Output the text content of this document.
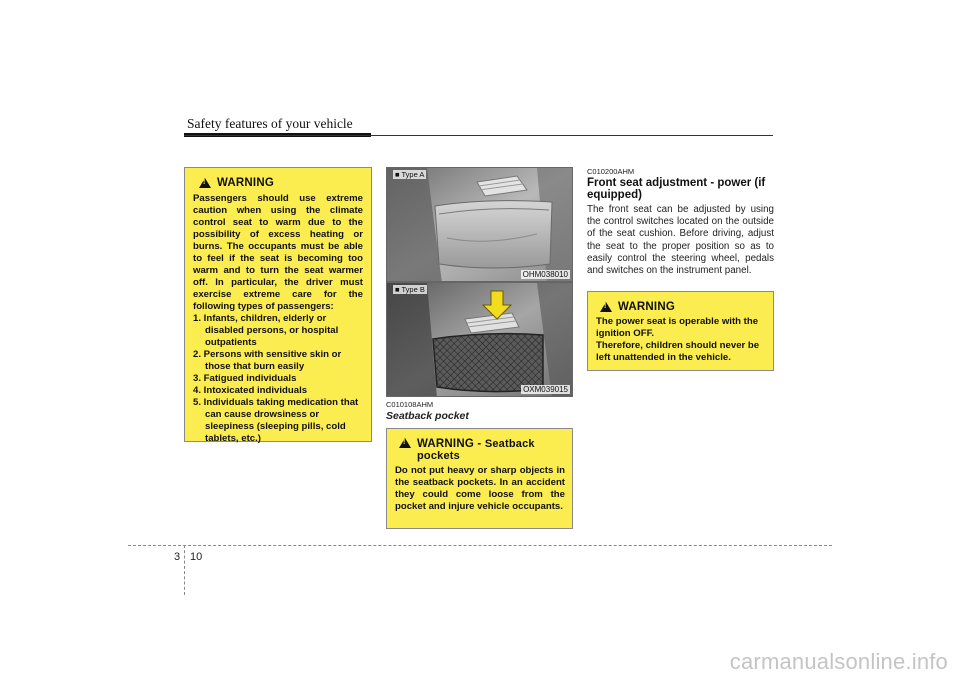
Safety features of your vehicle
!
WARNING
Passengers should use extreme caution when using the climate control seat to warm due to the possibility of excess heating or burns. The occupants must be able to feel if the seat is becoming too warm and to turn the seat warmer off. In particular, the driver must exercise extreme care for the following types of passengers:
1. Infants, children, elderly or disabled persons, or hospital outpatients
2. Persons with sensitive skin or those that burn easily
3. Fatigued individuals
4. Intoxicated individuals
5. Individuals taking medication that can cause drowsiness or sleepiness (sleeping pills, cold tablets, etc.)
■ Type A
OHM038010
■ Type B
OXM039015
C010108AHM
Seatback pocket
!
WARNING - Seatback pockets
Do not put heavy or sharp objects in the seatback pockets. In an accident they could come loose from the pocket and injure vehicle occupants.
C010200AHM
Front seat adjustment - power (if equipped)
The front seat can be adjusted by using the control switches located on the outside of the seat cushion. Before driving, adjust the seat to the proper position so as to easily control the steering wheel, pedals and switches on the instrument panel.
!
WARNING
The power seat is operable with the ignition OFF.
Therefore, children should never be left unattended in the vehicle.
3 10
carmanualsonline.info
